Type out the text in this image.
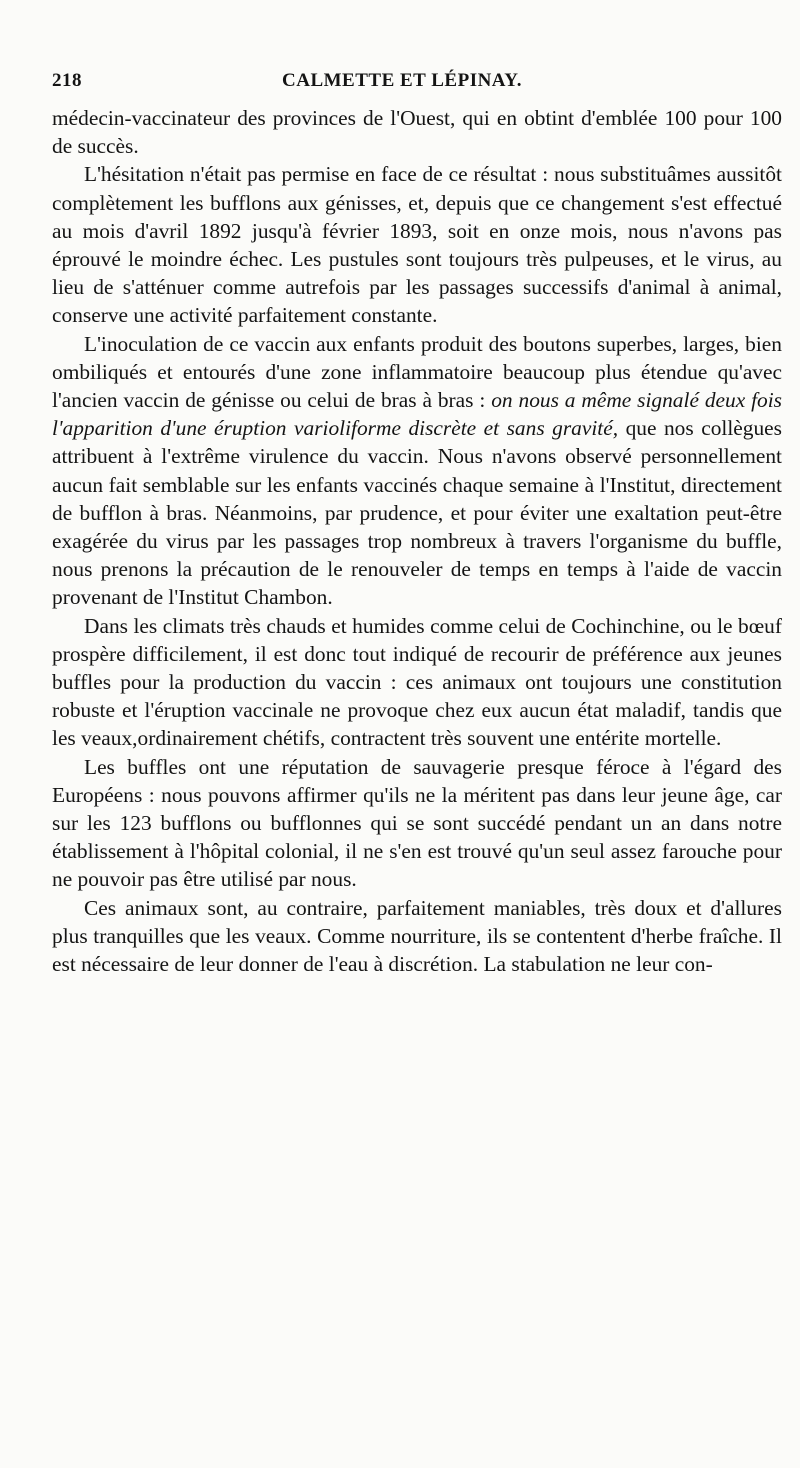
218	CALMETTE ET LÉPINAY.

médecin-vaccinateur des provinces de l'Ouest, qui en obtint d'emblée 100 pour 100 de succès.

L'hésitation n'était pas permise en face de ce résultat : nous substituâmes aussitôt complètement les bufflons aux génisses, et, depuis que ce changement s'est effectué au mois d'avril 1892 jusqu'à février 1893, soit en onze mois, nous n'avons pas éprouvé le moindre échec. Les pustules sont toujours très pulpeuses, et le virus, au lieu de s'atténuer comme autrefois par les passages successifs d'animal à animal, conserve une activité parfaitement constante.

L'inoculation de ce vaccin aux enfants produit des boutons superbes, larges, bien ombiliqués et entourés d'une zone inflammatoire beaucoup plus étendue qu'avec l'ancien vaccin de génisse ou celui de bras à bras : on nous a même signalé deux fois l'apparition d'une éruption varioliforme discrète et sans gravité, que nos collègues attribuent à l'extrême virulence du vaccin. Nous n'avons observé personnellement aucun fait semblable sur les enfants vaccinés chaque semaine à l'Institut, directement de bufflon à bras. Néanmoins, par prudence, et pour éviter une exaltation peut-être exagérée du virus par les passages trop nombreux à travers l'organisme du buffle, nous prenons la précaution de le renouveler de temps en temps à l'aide de vaccin provenant de l'Institut Chambon.

Dans les climats très chauds et humides comme celui de Cochinchine, ou le bœuf prospère difficilement, il est donc tout indiqué de recourir de préférence aux jeunes buffles pour la production du vaccin : ces animaux ont toujours une constitution robuste et l'éruption vaccinale ne provoque chez eux aucun état maladif, tandis que les veaux,ordinairement chétifs, contractent très souvent une entérite mortelle.

Les buffles ont une réputation de sauvagerie presque féroce à l'égard des Européens : nous pouvons affirmer qu'ils ne la méritent pas dans leur jeune âge, car sur les 123 bufflons ou bufflonnes qui se sont succédé pendant un an dans notre établissement à l'hôpital colonial, il ne s'en est trouvé qu'un seul assez farouche pour ne pouvoir pas être utilisé par nous.

Ces animaux sont, au contraire, parfaitement maniables, très doux et d'allures plus tranquilles que les veaux. Comme nourriture, ils se contentent d'herbe fraîche. Il est nécessaire de leur donner de l'eau à discrétion. La stabulation ne leur con-
